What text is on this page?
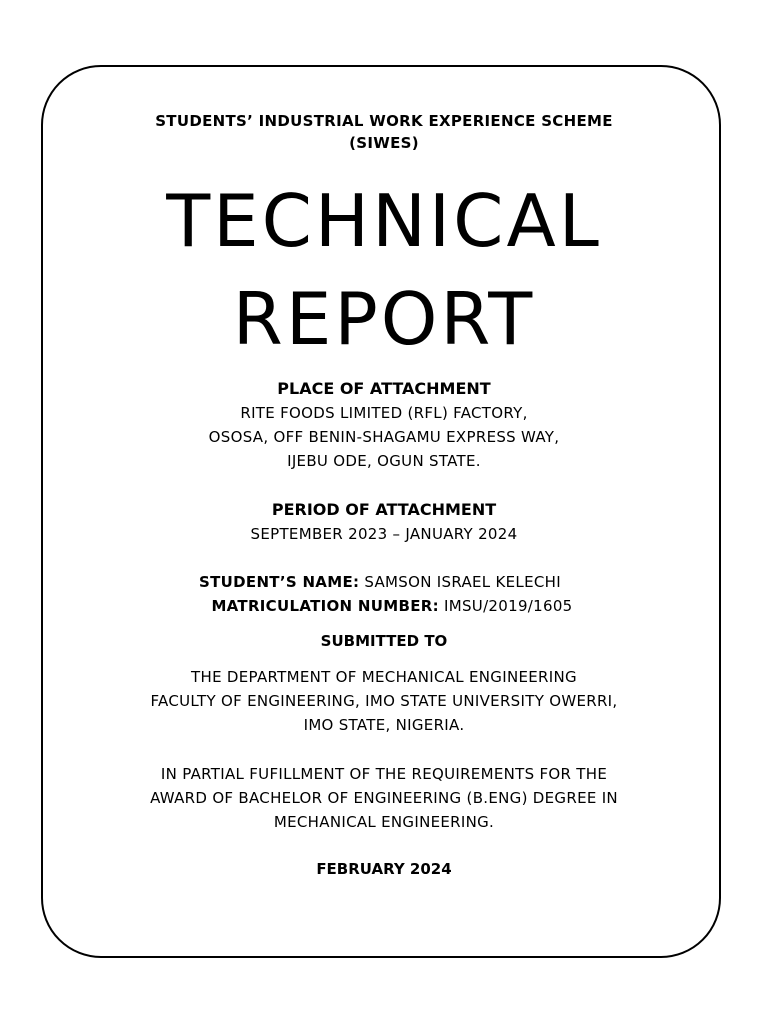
STUDENTS’ INDUSTRIAL WORK EXPERIENCE SCHEME
(SIWES)
TECHNICAL
REPORT
PLACE OF ATTACHMENT
RITE FOODS LIMITED (RFL) FACTORY,
OSOSA, OFF BENIN-SHAGAMU EXPRESS WAY,
IJEBU ODE, OGUN STATE.
PERIOD OF ATTACHMENT
SEPTEMBER 2023 – JANUARY 2024
STUDENT’S NAME: SAMSON ISRAEL KELECHI
MATRICULATION NUMBER: IMSU/2019/1605
SUBMITTED TO
THE DEPARTMENT OF MECHANICAL ENGINEERING
FACULTY OF ENGINEERING, IMO STATE UNIVERSITY OWERRI,
IMO STATE, NIGERIA.
IN PARTIAL FUFILLMENT OF THE REQUIREMENTS FOR THE
AWARD OF BACHELOR OF ENGINEERING (B.ENG) DEGREE IN
MECHANICAL ENGINEERING.
FEBRUARY 2024
